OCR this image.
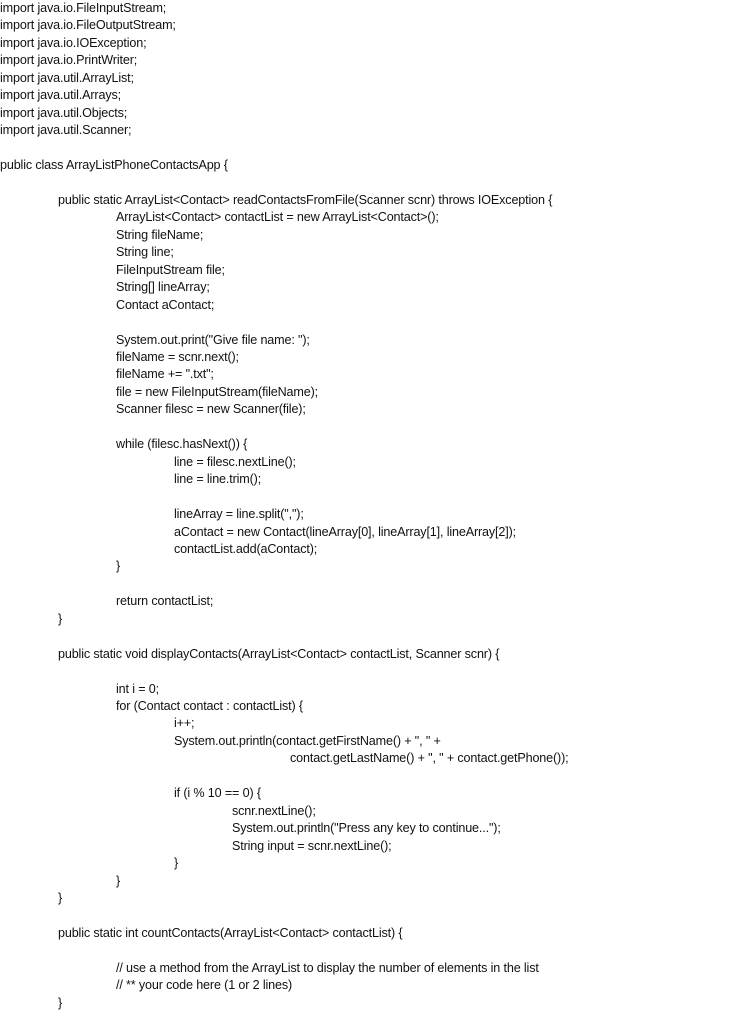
import java.io.FileInputStream;
import java.io.FileOutputStream;
import java.io.IOException;
import java.io.PrintWriter;
import java.util.ArrayList;
import java.util.Arrays;
import java.util.Objects;
import java.util.Scanner;
public class ArrayListPhoneContactsApp {
public static ArrayList<Contact> readContactsFromFile(Scanner scnr) throws IOException {
ArrayList<Contact> contactList = new ArrayList<Contact>();
String fileName;
String line;
FileInputStream file;
String[] lineArray;
Contact aContact;
System.out.print("Give file name: ");
fileName = scnr.next();
fileName += ".txt";
file = new FileInputStream(fileName);
Scanner filesc = new Scanner(file);
while (filesc.hasNext()) {
line = filesc.nextLine();
line = line.trim();
lineArray = line.split(",");
aContact = new Contact(lineArray[0], lineArray[1], lineArray[2]);
contactList.add(aContact);
}
return contactList;
}
public static void displayContacts(ArrayList<Contact> contactList, Scanner scnr) {
int i = 0;
for (Contact contact : contactList) {
i++;
System.out.println(contact.getFirstName() + ", " +
contact.getLastName() + ", " + contact.getPhone());
if (i % 10 == 0) {
scnr.nextLine();
System.out.println("Press any key to continue...");
String input = scnr.nextLine();
}
}
}
public static int countContacts(ArrayList<Contact> contactList) {
// use a method from the ArrayList to display the number of elements in the list
// ** your code here (1 or 2 lines)
}
